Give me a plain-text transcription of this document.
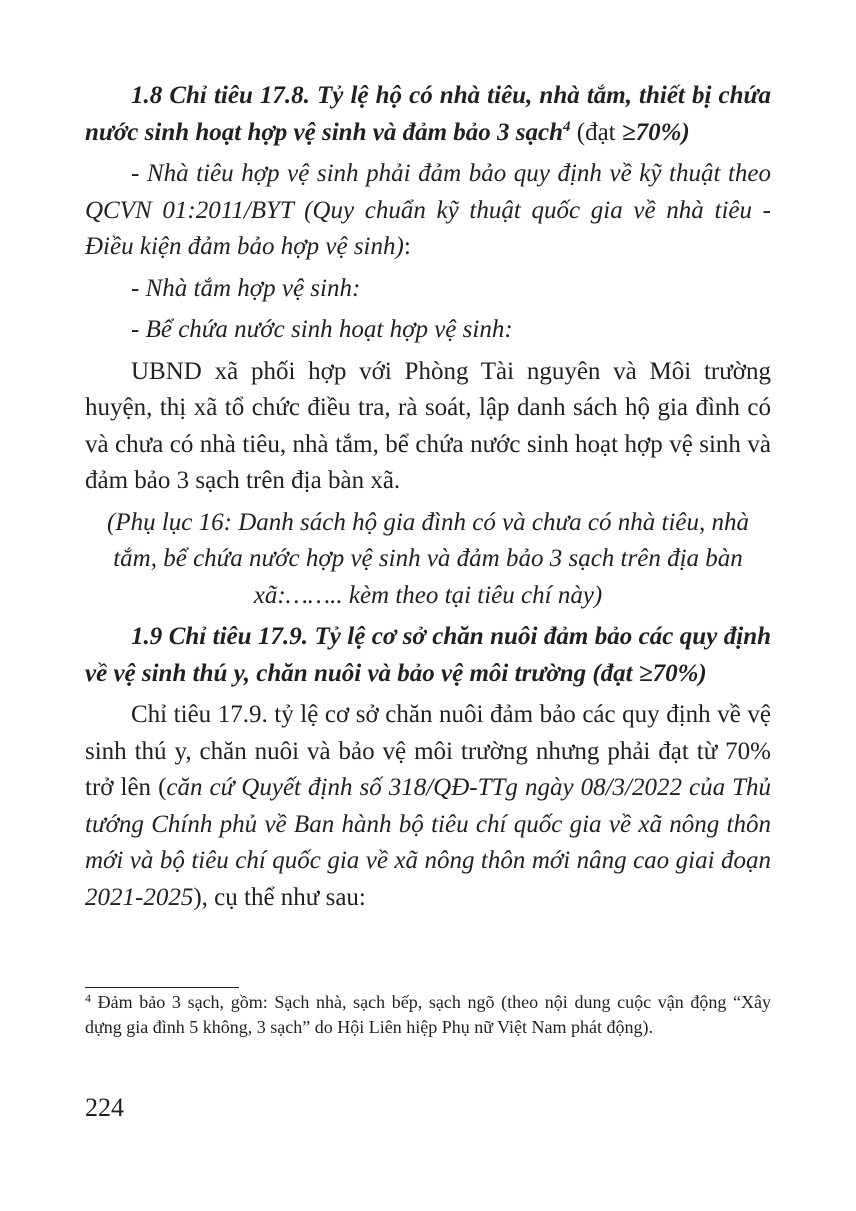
1.8 Chỉ tiêu 17.8. Tỷ lệ hộ có nhà tiêu, nhà tắm, thiết bị chứa nước sinh hoạt hợp vệ sinh và đảm bảo 3 sạch$^4$ (đạt ≥70%)

- Nhà tiêu hợp vệ sinh phải đảm bảo quy định về kỹ thuật theo QCVN 01:2011/BYT (Quy chuẩn kỹ thuật quốc gia về nhà tiêu - Điều kiện đảm bảo hợp vệ sinh):

- Nhà tắm hợp vệ sinh:

- Bể chứa nước sinh hoạt hợp vệ sinh:

UBND xã phối hợp với Phòng Tài nguyên và Môi trường huyện, thị xã tổ chức điều tra, rà soát, lập danh sách hộ gia đình có và chưa có nhà tiêu, nhà tắm, bể chứa nước sinh hoạt hợp vệ sinh và đảm bảo 3 sạch trên địa bàn xã.

(Phụ lục 16: Danh sách hộ gia đình có và chưa có nhà tiêu, nhà tắm, bể chứa nước hợp vệ sinh và đảm bảo 3 sạch trên địa bàn xã:…….. kèm theo tại tiêu chí này)

1.9 Chỉ tiêu 17.9. Tỷ lệ cơ sở chăn nuôi đảm bảo các quy định về vệ sinh thú y, chăn nuôi và bảo vệ môi trường (đạt ≥70%)

Chỉ tiêu 17.9. tỷ lệ cơ sở chăn nuôi đảm bảo các quy định về vệ sinh thú y, chăn nuôi và bảo vệ môi trường nhưng phải đạt từ 70% trở lên (căn cứ Quyết định số 318/QĐ-TTg ngày 08/3/2022 của Thủ tướng Chính phủ về Ban hành bộ tiêu chí quốc gia về xã nông thôn mới và bộ tiêu chí quốc gia về xã nông thôn mới nâng cao giai đoạn 2021-2025), cụ thể như sau:

$^4$ Đảm bảo 3 sạch, gồm: Sạch nhà, sạch bếp, sạch ngõ (theo nội dung cuộc vận động “Xây dựng gia đình 5 không, 3 sạch” do Hội Liên hiệp Phụ nữ Việt Nam phát động).
224
